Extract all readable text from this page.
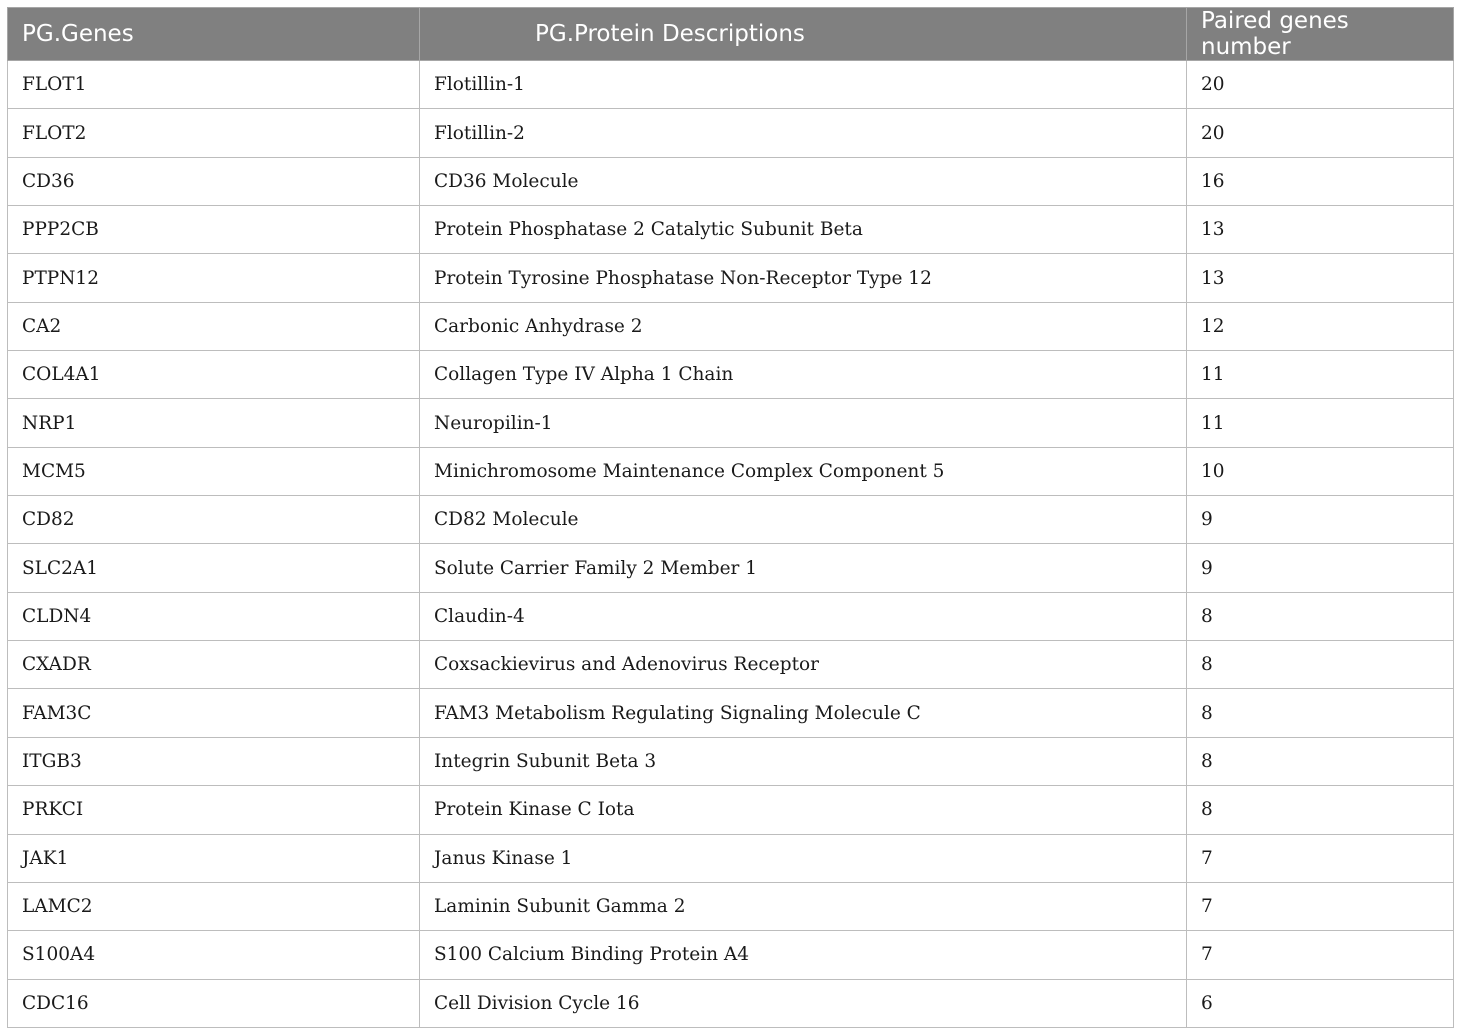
PG.Genes	PG.Protein Descriptions	Paired genes number
FLOT1	Flotillin-1	20
FLOT2	Flotillin-2	20
CD36	CD36 Molecule	16
PPP2CB	Protein Phosphatase 2 Catalytic Subunit Beta	13
PTPN12	Protein Tyrosine Phosphatase Non-Receptor Type 12	13
CA2	Carbonic Anhydrase 2	12
COL4A1	Collagen Type IV Alpha 1 Chain	11
NRP1	Neuropilin-1	11
MCM5	Minichromosome Maintenance Complex Component 5	10
CD82	CD82 Molecule	9
SLC2A1	Solute Carrier Family 2 Member 1	9
CLDN4	Claudin-4	8
CXADR	Coxsackievirus and Adenovirus Receptor	8
FAM3C	FAM3 Metabolism Regulating Signaling Molecule C	8
ITGB3	Integrin Subunit Beta 3	8
PRKCI	Protein Kinase C Iota	8
JAK1	Janus Kinase 1	7
LAMC2	Laminin Subunit Gamma 2	7
S100A4	S100 Calcium Binding Protein A4	7
CDC16	Cell Division Cycle 16	6
